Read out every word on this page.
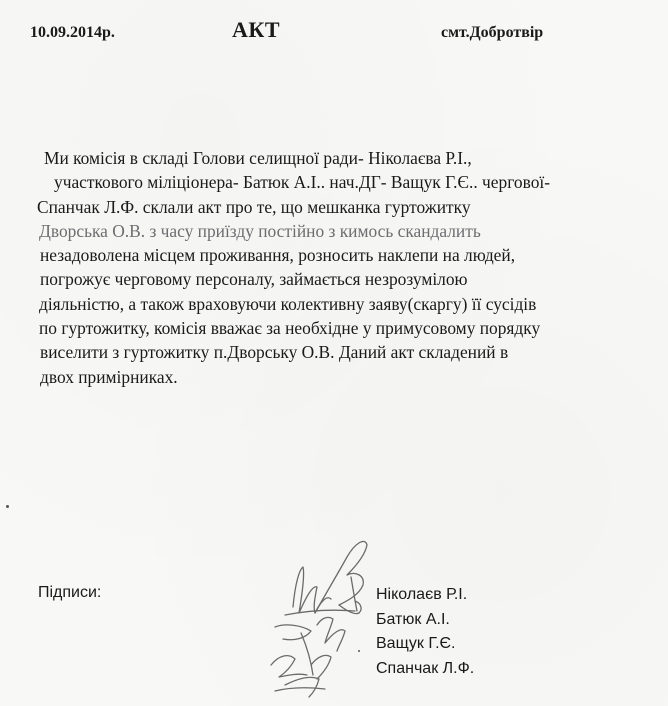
10.09.2014р.	АКТ	смт.Добротвір
Ми комісія в складі Голови селищної ради- Ніколаєва Р.І.,
участкового міліціонера- Батюк А.І.. нач.ДГ- Ващук Г.Є.. чергової-
Спанчак Л.Ф. склали акт про те, що мешканка гуртожитку
Дворська О.В. з часу приїзду постійно з кимось скандалить
незадоволена місцем проживання, розносить наклепи на людей,
погрожує черговому персоналу, займається незрозумілою
діяльністю, а також враховуючи колективну заяву(скаргу) її сусідів
по гуртожитку, комісія вважає за необхідне у примусовому порядку
виселити з гуртожитку п.Дворську О.В. Даний акт складений в
двох примірниках.
Підписи:	Ніколаєв Р.І.
Батюк А.І.
Ващук Г.Є.
Спанчак Л.Ф.
